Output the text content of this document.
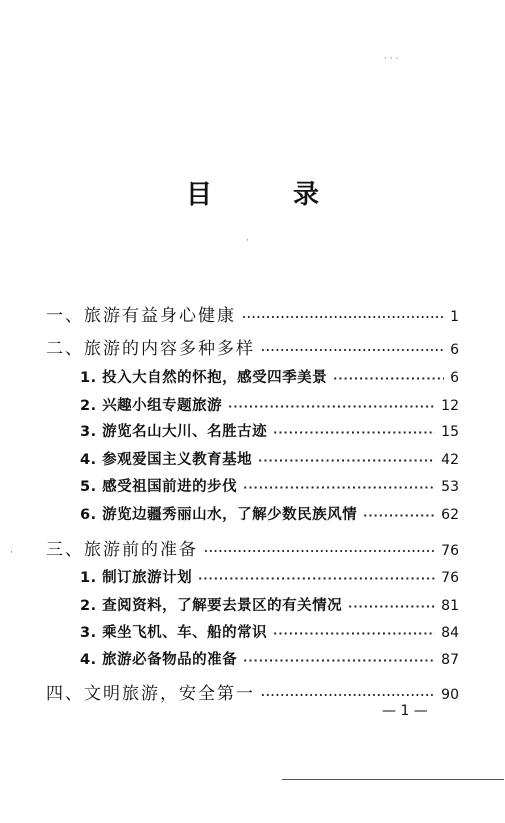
目 录
一、旅游有益身心健康 ·····	1
二、旅游的内容多种多样 ·····	6
1. 投入大自然的怀抱，感受四季美景 ·····	6
2. 兴趣小组专题旅游 ·····	12
3. 游览名山大川、名胜古迹 ·····	15
4. 参观爱国主义教育基地 ·····	42
5. 感受祖国前进的步伐 ·····	53
6. 游览边疆秀丽山水，了解少数民族风情 ·····	62
三、旅游前的准备 ·····	76
1. 制订旅游计划 ·····	76
2. 查阅资料，了解要去景区的有关情况 ·····	81
3. 乘坐飞机、车、船的常识 ·····	84
4. 旅游必备物品的准备 ·····	87
四、文明旅游，安全第一 ·····	90
— 1 —
· · ·
·
·
